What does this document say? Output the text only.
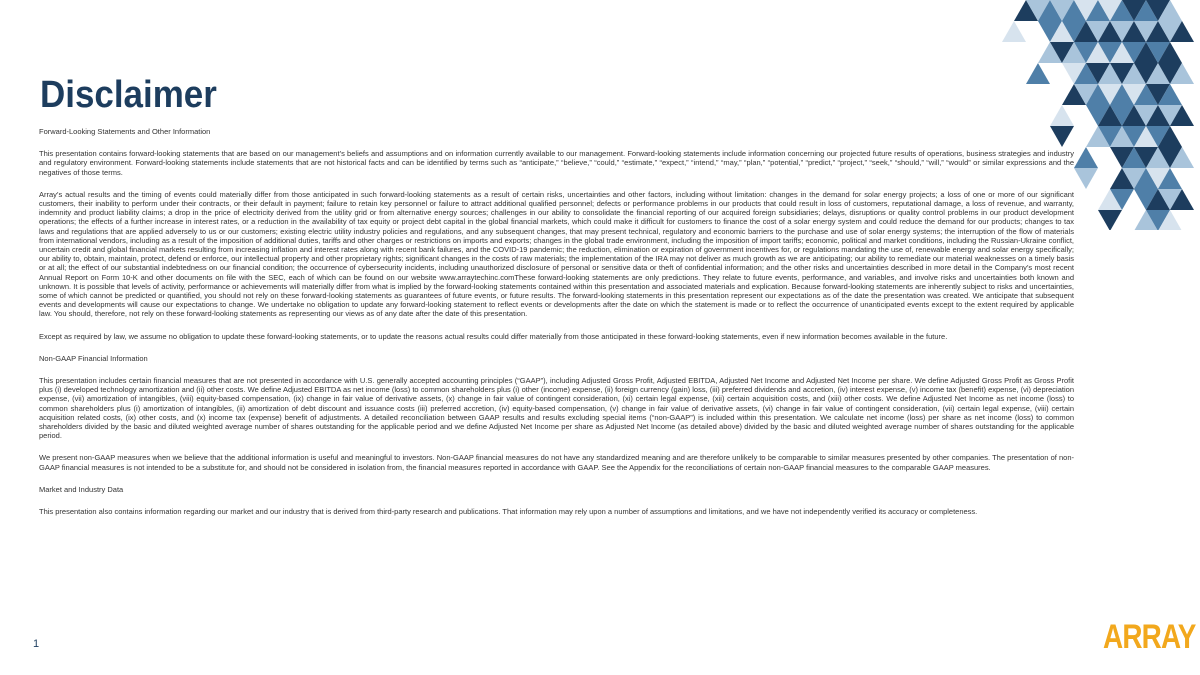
Disclaimer

Forward-Looking Statements and Other Information

This presentation contains forward-looking statements that are based on our management’s beliefs and assumptions and on information currently available to our management. Forward-looking statements include information concerning our projected future results of operations, business strategies and industry and regulatory environment. Forward-looking statements include statements that are not historical facts and can be identified by terms such as “anticipate,” “believe,” “could,” “estimate,” “expect,” “intend,” “may,” “plan,” “potential,” “predict,” “project,” “seek,” “should,” “will,” “would” or similar expressions and the negatives of those terms.

Array’s actual results and the timing of events could materially differ from those anticipated in such forward-looking statements as a result of certain risks, uncertainties and other factors, including without limitation: changes in the demand for solar energy projects; a loss of one or more of our significant customers, their inability to perform under their contracts, or their default in payment; failure to retain key personnel or failure to attract additional qualified personnel; defects or performance problems in our products that could result in loss of customers, reputational damage, a loss of revenue, and warranty, indemnity and product liability claims; a drop in the price of electricity derived from the utility grid or from alternative energy sources; challenges in our ability to consolidate the financial reporting of our acquired foreign subsidiaries; delays, disruptions or quality control problems in our product development operations; the effects of a further increase in interest rates, or a reduction in the availability of tax equity or project debt capital in the global financial markets, which could make it difficult for customers to finance the cost of a solar energy system and could reduce the demand for our products; changes to tax laws and regulations that are applied adversely to us or our customers; existing electric utility industry policies and regulations, and any subsequent changes, that may present technical, regulatory and economic barriers to the purchase and use of solar energy systems; the interruption of the flow of materials from international vendors, including as a result of the imposition of additional duties, tariffs and other charges or restrictions on imports and exports; changes in the global trade environment, including the imposition of import tariffs; economic, political and market conditions, including the Russian-Ukraine conflict, uncertain credit and global financial markets resulting from increasing inflation and interest rates along with recent bank failures, and the COVID-19 pandemic; the reduction, elimination or expiration of government incentives for, or regulations mandating the use of, renewable energy and solar energy specifically; our ability to, obtain, maintain, protect, defend or enforce, our intellectual property and other proprietary rights; significant changes in the costs of raw materials; the implementation of the IRA may not deliver as much growth as we are anticipating; our ability to remediate our material weaknesses on a timely basis or at all; the effect of our substantial indebtedness on our financial condition; the occurrence of cybersecurity incidents, including unauthorized disclosure of personal or sensitive data or theft of confidential information; and the other risks and uncertainties described in more detail in the Company’s most recent Annual Report on Form 10-K and other documents on file with the SEC, each of which can be found on our website www.arraytechinc.comThese forward-looking statements are only predictions. They relate to future events, performance, and variables, and involve risks and uncertainties both known and unknown. It is possible that levels of activity, performance or achievements will materially differ from what is implied by the forward-looking statements contained within this presentation and associated materials and explication. Because forward-looking statements are inherently subject to risks and uncertainties, some of which cannot be predicted or quantified, you should not rely on these forward-looking statements as guarantees of future events, or future results. The forward-looking statements in this presentation represent our expectations as of the date the presentation was created. We anticipate that subsequent events and developments will cause our expectations to change. We undertake no obligation to update any forward-looking statement to reflect events or developments after the date on which the statement is made or to reflect the occurrence of unanticipated events except to the extent required by applicable law. You should, therefore, not rely on these forward-looking statements as representing our views as of any date after the date of this presentation.

Except as required by law, we assume no obligation to update these forward-looking statements, or to update the reasons actual results could differ materially from those anticipated in these forward-looking statements, even if new information becomes available in the future.

Non-GAAP Financial Information

This presentation includes certain financial measures that are not presented in accordance with U.S. generally accepted accounting principles (“GAAP”), including Adjusted Gross Profit, Adjusted EBITDA, Adjusted Net Income and Adjusted Net Income per share. We define Adjusted Gross Profit as Gross Profit plus (i) developed technology amortization and (ii) other costs. We define Adjusted EBITDA as net income (loss) to common shareholders plus (i) other (income) expense, (ii) foreign currency (gain) loss, (iii) preferred dividends and accretion, (iv) interest expense, (v) income tax (benefit) expense, (vi) depreciation expense, (vii) amortization of intangibles, (viii) equity-based compensation, (ix) change in fair value of derivative assets, (x) change in fair value of contingent consideration, (xi) certain legal expense, (xii) certain acquisition costs, and (xiii) other costs. We define Adjusted Net Income as net income (loss) to common shareholders plus (i) amortization of intangibles, (ii) amortization of debt discount and issuance costs (iii) preferred accretion, (iv) equity-based compensation, (v) change in fair value of derivative assets, (vi) change in fair value of contingent consideration, (vii) certain legal expense, (viii) certain acquisition related costs, (ix) other costs, and (x) income tax (expense) benefit of adjustments. A detailed reconciliation between GAAP results and results excluding special items (“non-GAAP”) is included within this presentation. We calculate net income (loss) per share as net income (loss) to common shareholders divided by the basic and diluted weighted average number of shares outstanding for the applicable period and we define Adjusted Net Income per share as Adjusted Net Income (as detailed above) divided by the basic and diluted weighted average number of shares outstanding for the applicable period.

We present non-GAAP measures when we believe that the additional information is useful and meaningful to investors. Non-GAAP financial measures do not have any standardized meaning and are therefore unlikely to be comparable to similar measures presented by other companies. The presentation of non-GAAP financial measures is not intended to be a substitute for, and should not be considered in isolation from, the financial measures reported in accordance with GAAP. See the Appendix for the reconciliations of certain non-GAAP financial measures to the comparable GAAP measures.

Market and Industry Data

This presentation also contains information regarding our market and our industry that is derived from third-party research and publications. That information may rely upon a number of assumptions and limitations, and we have not independently verified its accuracy or completeness.

1	ARRAY
